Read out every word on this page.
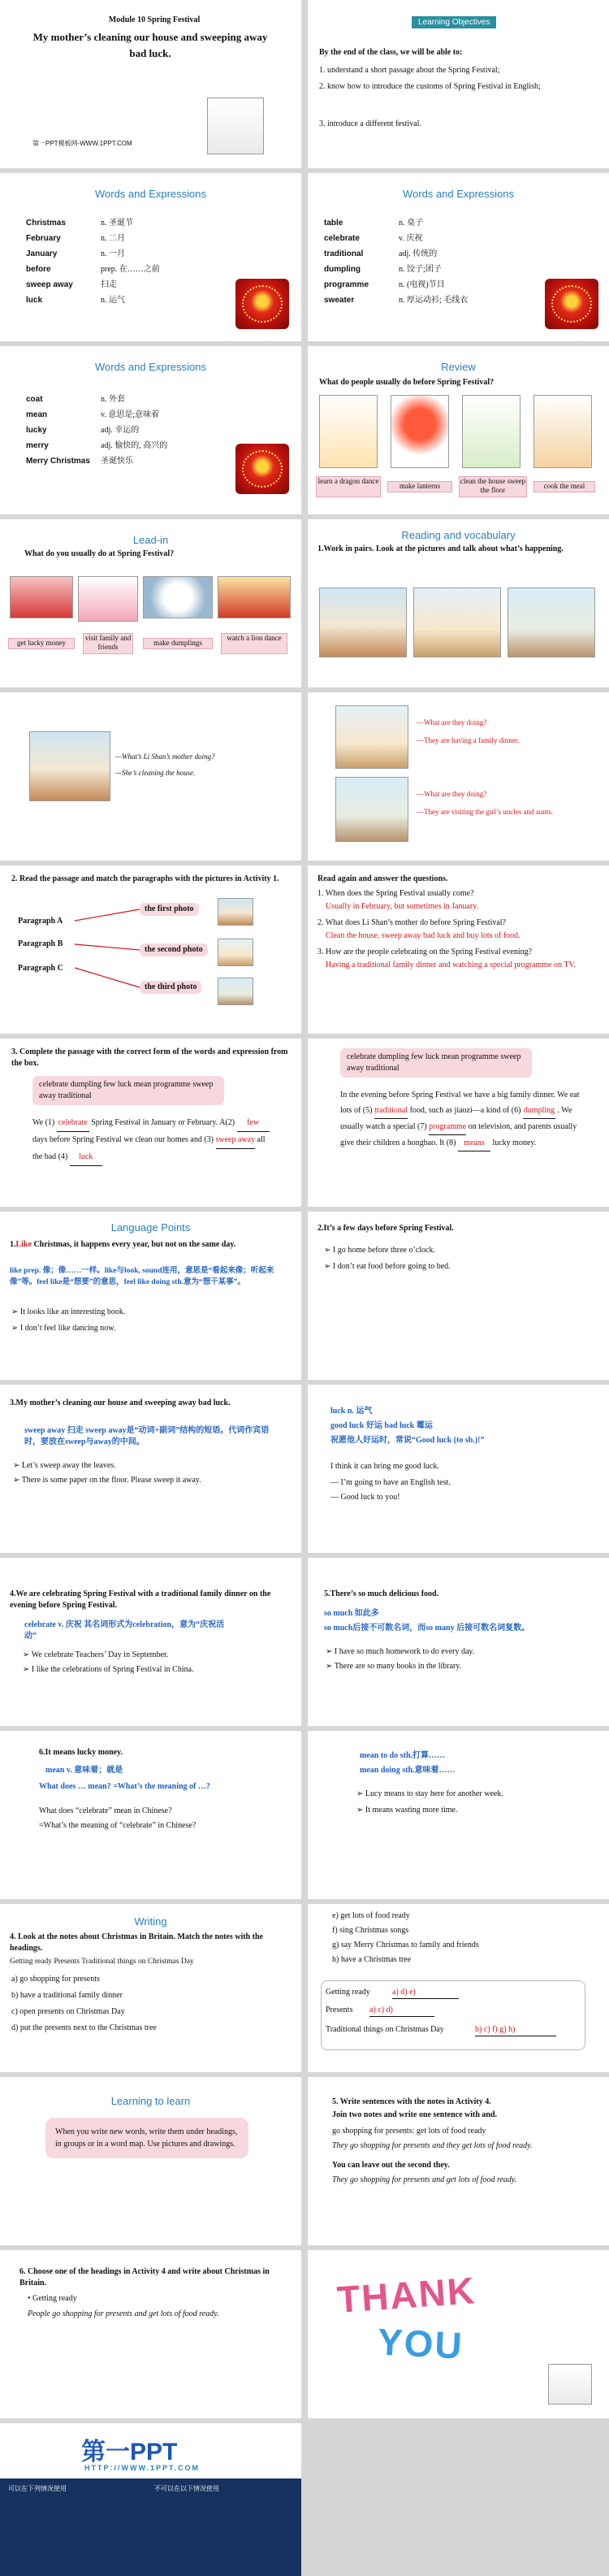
Module 10 Spring Festival
My mother’s cleaning our house and sweeping away bad luck.
第一PPT模板网-WWW.1PPT.COM
Learning Objectives
By the end of the class, we will be able to:
1. understand a short passage about the Spring Festival;
2. know how to introduce the customs of Spring Festival in English;
3. introduce a different festival.
Words and Expressions
Christmas	n. 圣诞节
February	n. 二月
January	n. 一月
before	prep. 在……之前
sweep away	扫走
luck	n. 运气
Words and Expressions
table	n. 桌子
celebrate	v. 庆祝
traditional	adj. 传统的
dumpling	n. 饺子;团子
programme	n. (电视)节目
sweater	n. 厚运动衫; 毛线衣
Words and Expressions
coat	n. 外套
mean	v. 意思是;意味着
lucky	adj. 幸运的
merry	adj. 愉快的, 高兴的
Merry Christmas	圣诞快乐
Review
What do people usually do before Spring Festival?
learn a dragon dance
make lanterns
clean the house sweep the floor	cook the meal
Lead-in
What do you usually do at Spring Festival?
get lucky money
visit family and friends	make dumplings
watch a lion dance
Reading and vocabulary
1.Work in pairs. Look at the pictures and talk about what’s happening.
—What’s Li Shan’s mother doing?
—She’s cleaning the house.
—What are they doing?
—They are having a family dinner.
—What are they doing?
—They are visiting the girl’s uncles and aunts.
2. Read the passage and match the paragraphs with the pictures in Activity 1.
Paragraph A
Paragraph B
Paragraph C
the first photo
the second photo
the third photo
Read again and answer the questions.
1. When does the Spring Festival usually come?
Usually in February, but sometimes in January.
2. What does Li Shan’s mother do before Spring Festival?
Clean the house, sweep away bad luck and buy lots of food.
3. How are the people celebrating on the Spring Festival evening?
Having a traditional family dinner and watching a special programme on TV.
3. Complete the passage with the correct form of the words and expression from the box.
celebrate dumpling few luck mean programme sweep away traditional
We (1) celebrate Spring Festival in January or February. A(2) few days before Spring Festival we clean our homes and (3) sweep away all the bad (4) luck
celebrate dumpling few luck mean programme sweep away traditional
In the evening before Spring Festival we have a big family dinner. We eat lots of (5) traditional food, such as jiaozi—a kind of (6) dumpling . We usually watch a special (7) programme on television, and parents usually give their children a hongbao. It (8) means lucky money.
Language Points
1.Like Christmas, it happens every year, but not on the same day.
like prep. 像；像……一样。like与look, sound连用，意思是“看起来像；听起来像”等。feel like是“想要”的意思，feel like doing sth.意为“想干某事”。
➢ It looks like an interesting book.
➢ I don’t feel like dancing now.
2.It’s a few days before Spring Festival.
➢ I go home before three o’clock.
➢ I don’t eat food before going to bed.
3.My mother’s cleaning our house and sweeping away bad luck.
sweep away 扫走 sweep away是“动词+副词”结构的短语。代词作宾语时，要放在sweep与away的中间。
➢ Let’s sweep away the leaves.
➢ There is some paper on the floor. Please sweep it away.
luck n. 运气
good luck 好运 bad luck 霉运
祝愿他人好运时，常说“Good luck (to sb.)!”
I think it can bring me good luck.
— I’m going to have an English test.
— Good luck to you!
4.We are celebrating Spring Festival with a traditional family dinner on the evening before Spring Festival.
celebrate v. 庆祝 其名词形式为celebration，意为“庆祝活动”
➢ We celebrate Teachers’ Day in September.
➢ I like the celebrations of Spring Festival in China.
5.There’s so much delicious food.
so much 如此多
so much后接不可数名词，而so many 后接可数名词复数。
➢ I have so much homework to do every day.
➢ There are so many books in the library.
6.It means lucky money.
mean v. 意味着；就是
What does … mean? =What’s the meaning of …?
What does “celebrate” mean in Chinese?
=What’s the meaning of “celebrate” in Chinese?
mean to do sth.打算……
mean doing sth.意味着……
➢ Lucy means to stay here for another week.
➢ It means wasting more time.
Writing
4. Look at the notes about Christmas in Britain. Match the notes with the headings.
Getting ready Presents Traditional things on Christmas Day
a) go shopping for presents
b) have a traditional family dinner
c) open presents on Christmas Day
d) put the presents next to the Christmas tree
e) get lots of food ready
f) sing Christmas songs
g) say Merry Christmas to family and friends
h) have a Christmas tree
Getting ready	a) d) e)
Presents a) c) d)
Traditional things on Christmas Day	b) c) f) g) h)
Learning to learn
When you write new words, write them under headings, in groups or in a word map. Use pictures and drawings.
5. Write sentences with the notes in Activity 4.
Join two notes and write one sentence with and.
go shopping for presents: get lots of food ready
They go shopping for presents and they get lots of food ready.
You can leave out the second they.
They go shopping for presents and get lots of food ready.
6. Choose one of the headings in Activity 4 and write about Christmas in Britain.
• Getting ready
People go shopping for presents and get lots of food ready.	THANK
YOU
第一PPT
HTTP://WWW.1PPT.COM
可以在下列情况使用	不可以在以下情况使用
